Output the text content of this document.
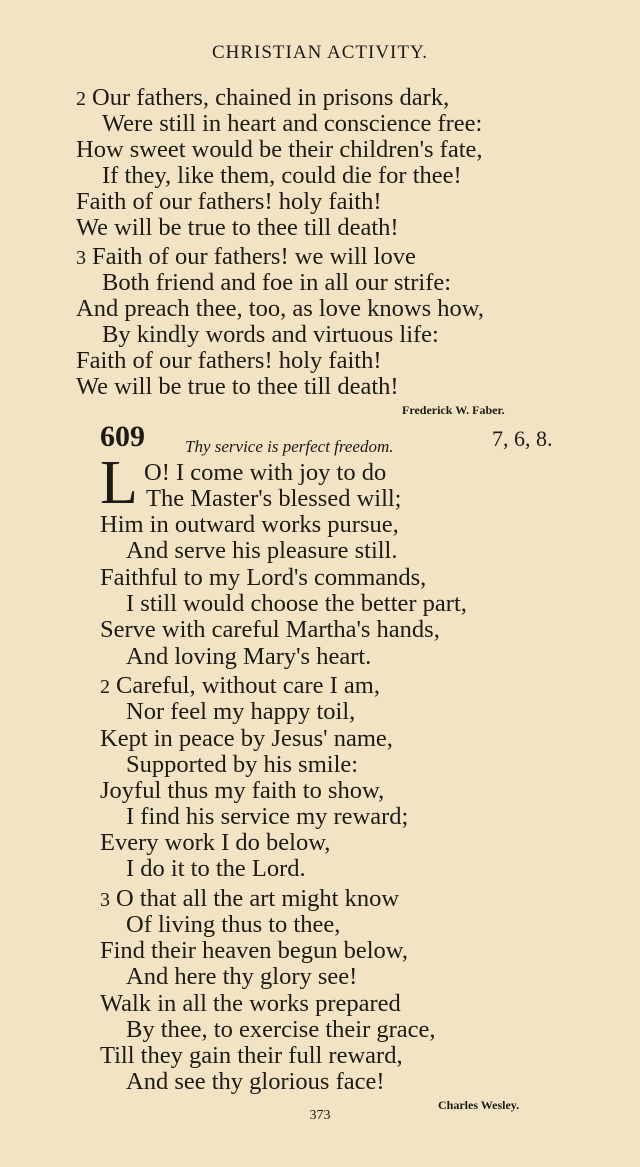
CHRISTIAN ACTIVITY.
2 Our fathers, chained in prisons dark,
Were still in heart and conscience free:
How sweet would be their children's fate,
If they, like them, could die for thee!
Faith of our fathers! holy faith!
We will be true to thee till death!
3 Faith of our fathers! we will love
Both friend and foe in all our strife:
And preach thee, too, as love knows how,
By kindly words and virtuous life:
Faith of our fathers! holy faith!
We will be true to thee till death!
Frederick W. Faber.
609 Thy service is perfect freedom.	7, 6, 8.
L O! I come with joy to do
The Master's blessed will;
Him in outward works pursue,
And serve his pleasure still.
Faithful to my Lord's commands,
I still would choose the better part,
Serve with careful Martha's hands,
And loving Mary's heart.
2 Careful, without care I am,
Nor feel my happy toil,
Kept in peace by Jesus' name,
Supported by his smile:
Joyful thus my faith to show,
I find his service my reward;
Every work I do below,
I do it to the Lord.
3 O that all the art might know
Of living thus to thee,
Find their heaven begun below,
And here thy glory see!
Walk in all the works prepared
By thee, to exercise their grace,
Till they gain their full reward,
And see thy glorious face!
Charles Wesley.
373
